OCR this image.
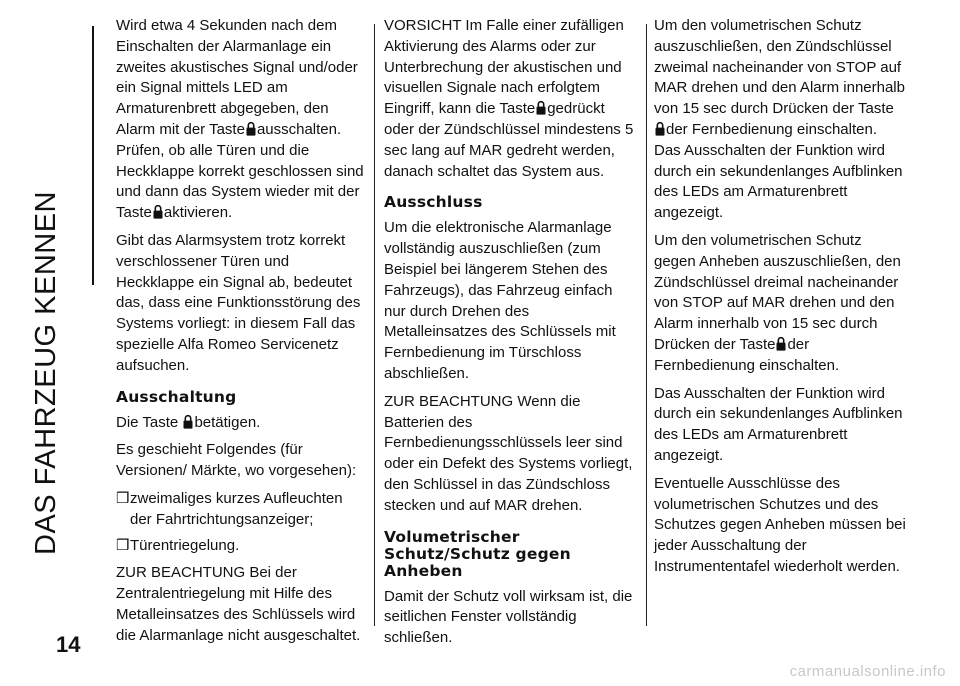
DAS FAHRZEUG KENNEN

Wird etwa 4 Sekunden nach dem Einschalten der Alarmanlage ein zweites akustisches Signal und/oder ein Signal mittels LED am Armaturenbrett abgegeben, den Alarm mit der Taste ausschalten. Prüfen, ob alle Türen und die Heckklappe korrekt geschlossen sind und dann das System wieder mit der Taste aktivieren.

Gibt das Alarmsystem trotz korrekt verschlossener Türen und Heckklappe ein Signal ab, bedeutet das, dass eine Funktionsstörung des Systems vorliegt: in diesem Fall das spezielle Alfa Romeo Servicenetz aufsuchen.

Ausschaltung

Die Taste betätigen.

Es geschieht Folgendes (für Versionen/ Märkte, wo vorgesehen):

❒ zweimaliges kurzes Aufleuchten der Fahrtrichtungsanzeiger;
❒ Türentriegelung.

ZUR BEACHTUNG Bei der Zentralentriegelung mit Hilfe des Metalleinsatzes des Schlüssels wird die Alarmanlage nicht ausgeschaltet.

VORSICHT Im Falle einer zufälligen Aktivierung des Alarms oder zur Unterbrechung der akustischen und visuellen Signale nach erfolgtem Eingriff, kann die Taste gedrückt oder der Zündschlüssel mindestens 5 sec lang auf MAR gedreht werden, danach schaltet das System aus.

Ausschluss

Um die elektronische Alarmanlage vollständig auszuschließen (zum Beispiel bei längerem Stehen des Fahrzeugs), das Fahrzeug einfach nur durch Drehen des Metalleinsatzes des Schlüssels mit Fernbedienung im Türschloss abschließen.

ZUR BEACHTUNG Wenn die Batterien des Fernbedienungsschlüssels leer sind oder ein Defekt des Systems vorliegt, den Schlüssel in das Zündschloss stecken und auf MAR drehen.

Volumetrischer
Schutz/Schutz gegen
Anheben

Damit der Schutz voll wirksam ist, die seitlichen Fenster vollständig schließen.

Um den volumetrischen Schutz auszuschließen, den Zündschlüssel zweimal nacheinander von STOP auf MAR drehen und den Alarm innerhalb von 15 sec durch Drücken der Taste

der Fernbedienung einschalten. Das Ausschalten der Funktion wird durch ein sekundenlanges Aufblinken des LEDs am Armaturenbrett angezeigt.

Um den volumetrischen Schutz gegen Anheben auszuschließen, den Zündschlüssel dreimal nacheinander von STOP auf MAR drehen und den Alarm innerhalb von 15 sec durch Drücken der Taste der Fernbedienung einschalten.

Das Ausschalten der Funktion wird durch ein sekundenlanges Aufblinken des LEDs am Armaturenbrett angezeigt.

Eventuelle Ausschlüsse des volumetrischen Schutzes und des Schutzes gegen Anheben müssen bei jeder Ausschaltung der Instrumententafel wiederholt werden.

14
carmanualsonline.info
